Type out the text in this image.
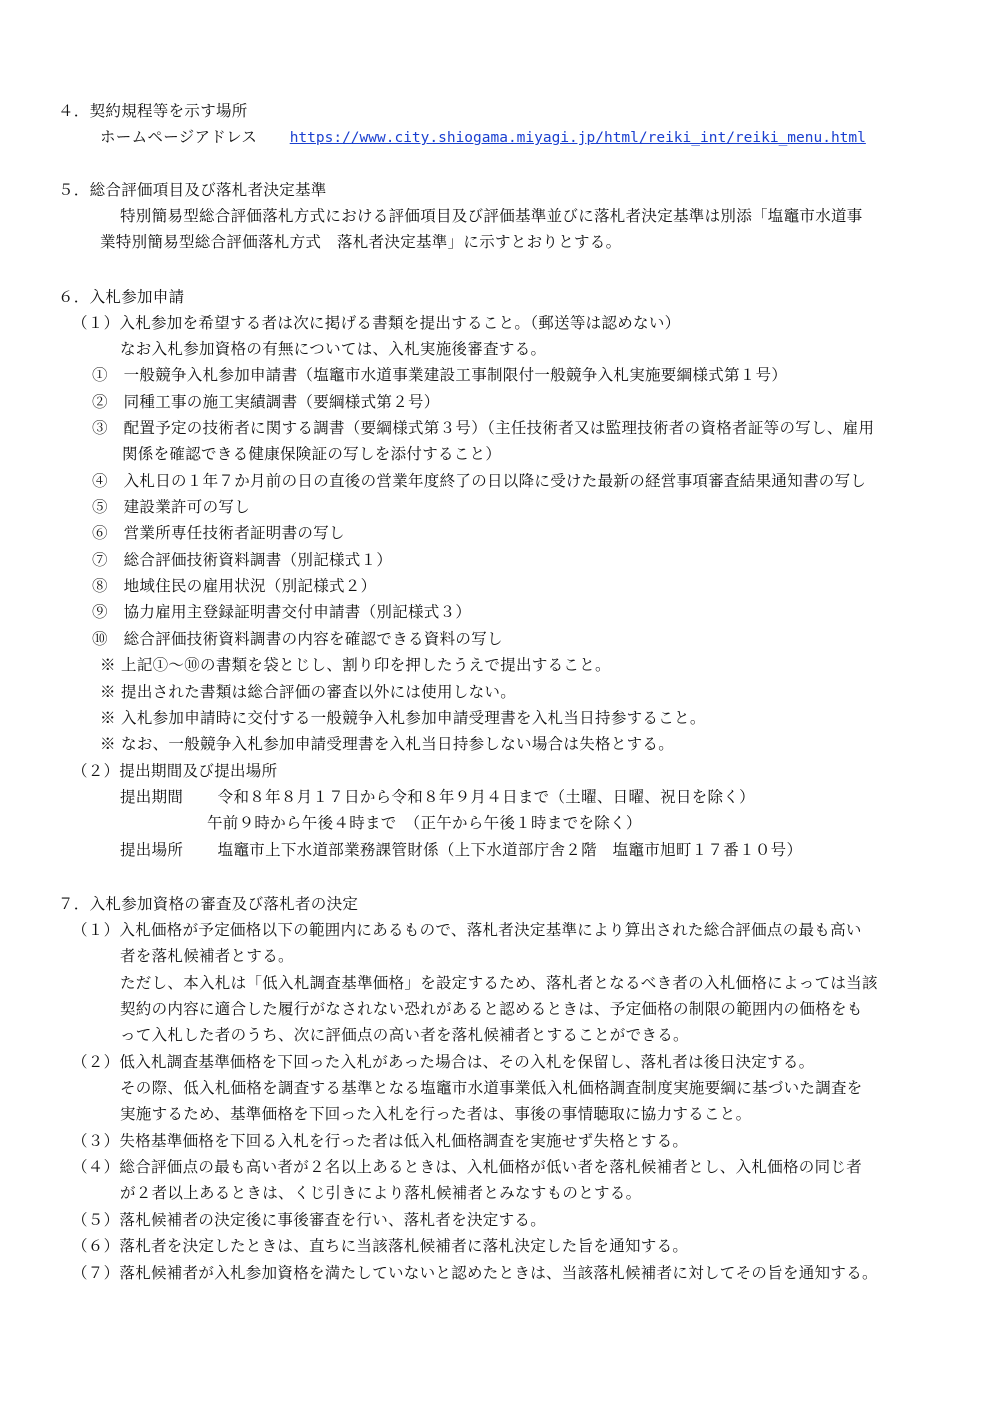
４．契約規程等を示す場所
ホームページアドレス https://www.city.shiogama.miyagi.jp/html/reiki_int/reiki_menu.html
５．総合評価項目及び落札者決定基準
特別簡易型総合評価落札方式における評価項目及び評価基準並びに落札者決定基準は別添「塩竈市水道事
業特別簡易型総合評価落札方式　落札者決定基準」に示すとおりとする。
６．入札参加申請
（１）入札参加を希望する者は次に掲げる書類を提出すること。（郵送等は認めない）
なお入札参加資格の有無については、入札実施後審査する。
①　一般競争入札参加申請書（塩竈市水道事業建設工事制限付一般競争入札実施要綱様式第１号）
②　同種工事の施工実績調書（要綱様式第２号）
③　配置予定の技術者に関する調書（要綱様式第３号）（主任技術者又は監理技術者の資格者証等の写し、雇用
関係を確認できる健康保険証の写しを添付すること）
④　入札日の１年７か月前の日の直後の営業年度終了の日以降に受けた最新の経営事項審査結果通知書の写し
⑤　建設業許可の写し
⑥　営業所専任技術者証明書の写し
⑦　総合評価技術資料調書（別記様式１）
⑧　地域住民の雇用状況（別記様式２）
⑨　協力雇用主登録証明書交付申請書（別記様式３）
⑩　総合評価技術資料調書の内容を確認できる資料の写し
※ 上記①～⑩の書類を袋とじし、割り印を押したうえで提出すること。
※ 提出された書類は総合評価の審査以外には使用しない。
※ 入札参加申請時に交付する一般競争入札参加申請受理書を入札当日持参すること。
※ なお、一般競争入札参加申請受理書を入札当日持参しない場合は失格とする。
（２）提出期間及び提出場所
提出期間 令和８年８月１７日から令和８年９月４日まで（土曜、日曜、祝日を除く）
午前９時から午後４時まで　（正午から午後１時までを除く）
提出場所 塩竈市上下水道部業務課管財係（上下水道部庁舎２階　塩竈市旭町１７番１０号）
７．入札参加資格の審査及び落札者の決定
（１）入札価格が予定価格以下の範囲内にあるもので、落札者決定基準により算出された総合評価点の最も高い
者を落札候補者とする。
ただし、本入札は「低入札調査基準価格」を設定するため、落札者となるべき者の入札価格によっては当該
契約の内容に適合した履行がなされない恐れがあると認めるときは、予定価格の制限の範囲内の価格をも
って入札した者のうち、次に評価点の高い者を落札候補者とすることができる。
（２）低入札調査基準価格を下回った入札があった場合は、その入札を保留し、落札者は後日決定する。
その際、低入札価格を調査する基準となる塩竈市水道事業低入札価格調査制度実施要綱に基づいた調査を
実施するため、基準価格を下回った入札を行った者は、事後の事情聴取に協力すること。
（３）失格基準価格を下回る入札を行った者は低入札価格調査を実施せず失格とする。
（４）総合評価点の最も高い者が２名以上あるときは、入札価格が低い者を落札候補者とし、入札価格の同じ者
が２者以上あるときは、くじ引きにより落札候補者とみなすものとする。
（５）落札候補者の決定後に事後審査を行い、落札者を決定する。
（６）落札者を決定したときは、直ちに当該落札候補者に落札決定した旨を通知する。
（７）落札候補者が入札参加資格を満たしていないと認めたときは、当該落札候補者に対してその旨を通知する。
